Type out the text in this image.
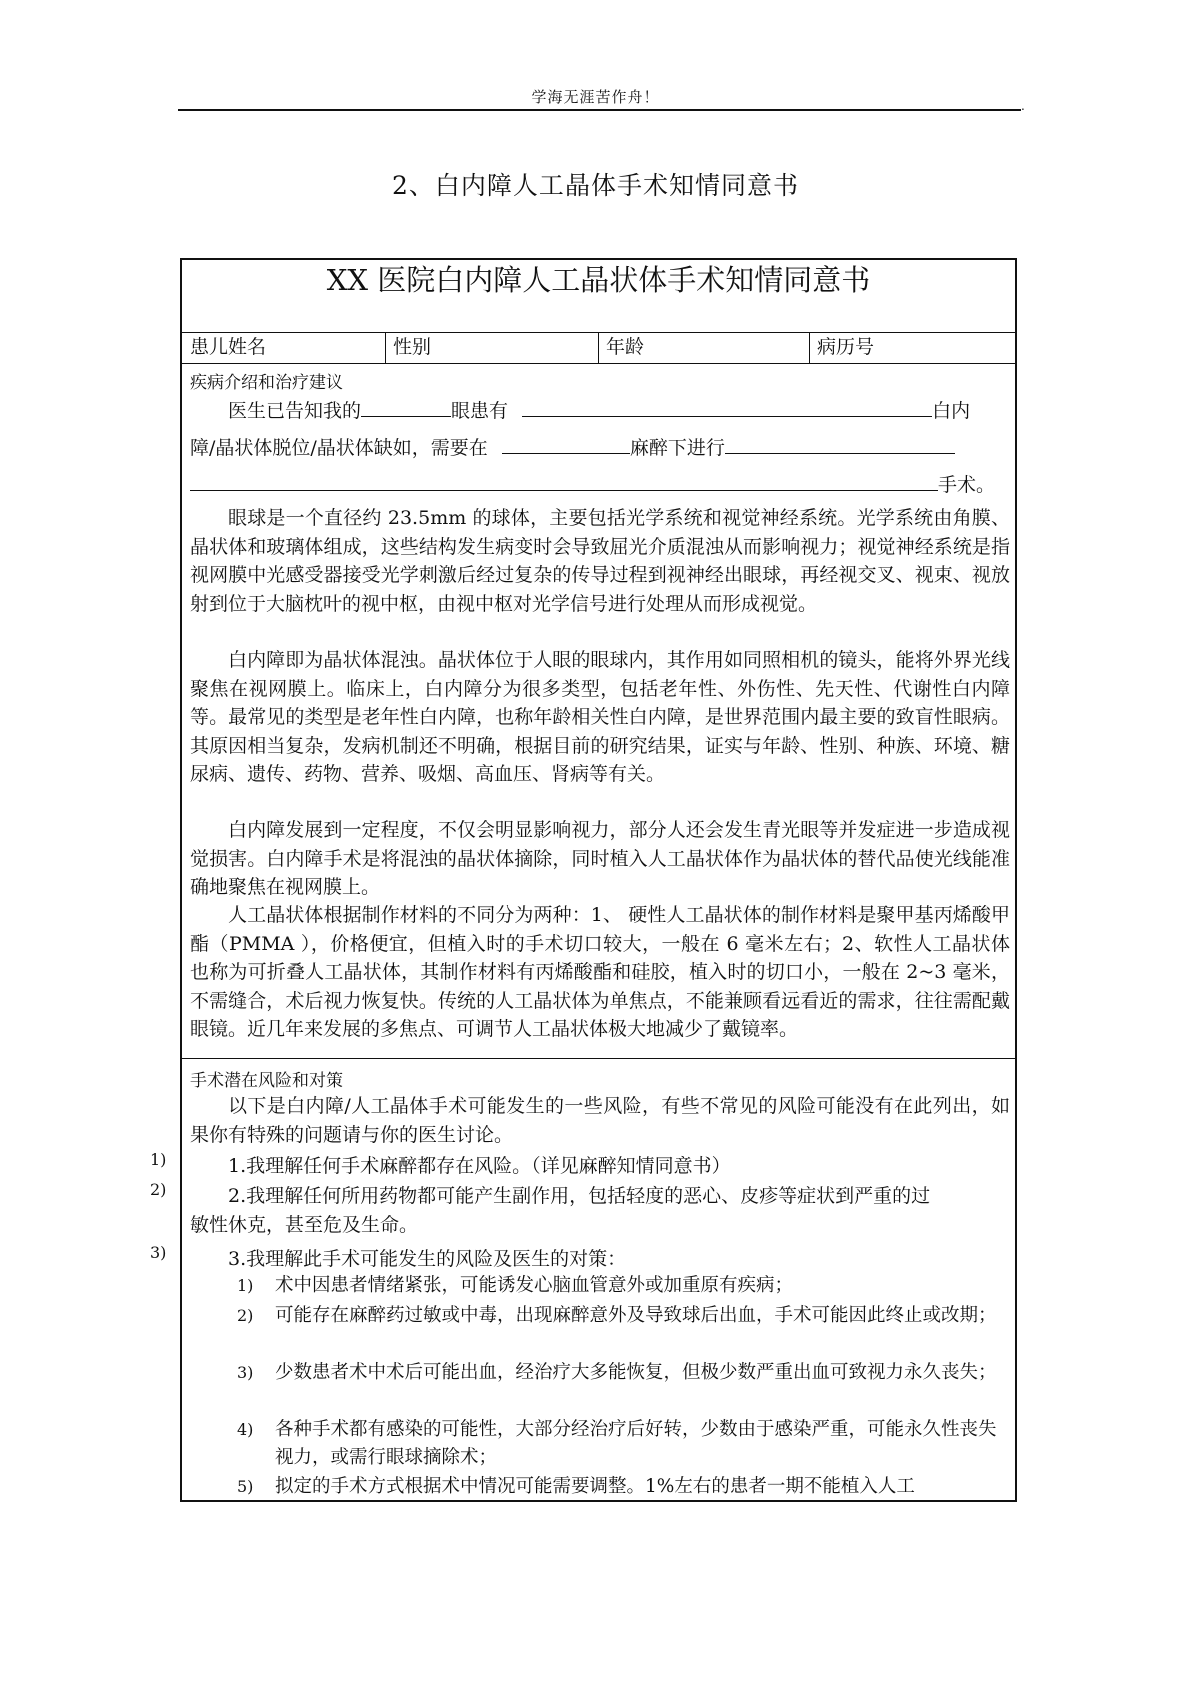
学海无涯苦作舟！	.
2、白内障人工晶体手术知情同意书
XX 医院白内障人工晶状体手术知情同意书
患儿姓名	性别	年龄	病历号
疾病介绍和治疗建议
医生已告知我的	眼患有	白内
障/晶状体脱位/晶状体缺如，需要在	麻醉下进行
手术。

眼球是一个直径约 23.5mm 的球体，主要包括光学系统和视觉神经系统。光学系统由角膜、晶状体和玻璃体组成，这些结构发生病变时会导致屈光介质混浊从而影响视力；视觉神经系统是指视网膜中光感受器接受光学刺激后经过复杂的传导过程到视神经出眼球，再经视交叉、视束、视放射到位于大脑枕叶的视中枢，由视中枢对光学信号进行处理从而形成视觉。

白内障即为晶状体混浊。晶状体位于人眼的眼球内，其作用如同照相机的镜头，能将外界光线聚焦在视网膜上。临床上，白内障分为很多类型，包括老年性、外伤性、先天性、代谢性白内障等。最常见的类型是老年性白内障，也称年龄相关性白内障，是世界范围内最主要的致盲性眼病。其原因相当复杂，发病机制还不明确，根据目前的研究结果，证实与年龄、性别、种族、环境、糖尿病、遗传、药物、营养、吸烟、高血压、肾病等有关。

白内障发展到一定程度，不仅会明显影响视力，部分人还会发生青光眼等并发症进一步造成视觉损害。白内障手术是将混浊的晶状体摘除，同时植入人工晶状体作为晶状体的替代品使光线能准确地聚焦在视网膜上。

人工晶状体根据制作材料的不同分为两种：1、 硬性人工晶状体的制作材料是聚甲基丙烯酸甲酯（PMMA ），价格便宜，但植入时的手术切口较大，一般在 6 毫米左右；2、软性人工晶状体也称为可折叠人工晶状体，其制作材料有丙烯酸酯和硅胶，植入时的切口小，一般在 2~3 毫米，不需缝合，术后视力恢复快。传统的人工晶状体为单焦点，不能兼顾看远看近的需求，往往需配戴眼镜。近几年来发展的多焦点、可调节人工晶状体极大地减少了戴镜率。

手术潜在风险和对策

以下是白内障/人工晶体手术可能发生的一些风险，有些不常见的风险可能没有在此列出，如果你有特殊的问题请与你的医生讨论。

1.我理解任何手术麻醉都存在风险。（详见麻醉知情同意书）
2.我理解任何所用药物都可能产生副作用，包括轻度的恶心、皮疹等症状到严重的过
敏性休克，甚至危及生命。
3.我理解此手术可能发生的风险及医生的对策：
1) 术中因患者情绪紧张，可能诱发心脑血管意外或加重原有疾病；
2) 可能存在麻醉药过敏或中毒，出现麻醉意外及导致球后出血，手术可能因此终止或改期；
3) 少数患者术中术后可能出血，经治疗大多能恢复，但极少数严重出血可致视力永久丧失；
4) 各种手术都有感染的可能性，大部分经治疗后好转，少数由于感染严重，可能永久性丧失视力，或需行眼球摘除术；
5) 拟定的手术方式根据术中情况可能需要调整。1%左右的患者一期不能植入人工
1)
2)
3)
